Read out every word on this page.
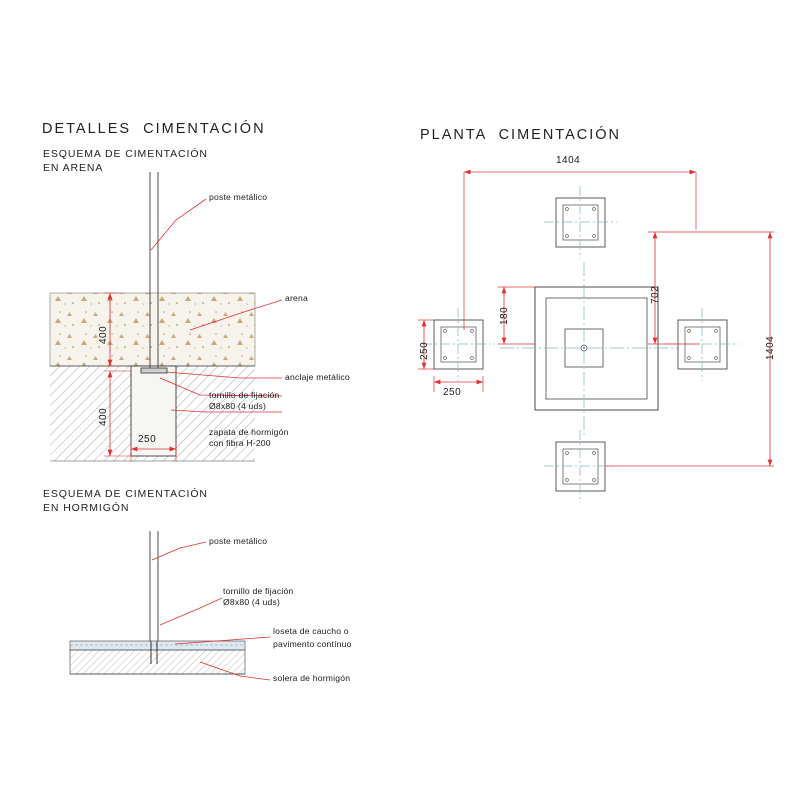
DETALLES  CIMENTACIÓN	PLANTA  CIMENTACIÓN
ESQUEMA DE CIMENTACIÓN
EN ARENA
ESQUEMA DE CIMENTACIÓN
EN HORMIGÓN
poste metálico
arena
anclaje metálico
tornillo de fijación
Ø8x80 (4 uds)
zapata de hormigón
con fibra H-200
400
400
250
poste metálico
tornillo de fijación
Ø8x80 (4 uds)
loseta de caucho o
pavimento contínuo
solera de hormigón
1404
1404
702
180
250
250
